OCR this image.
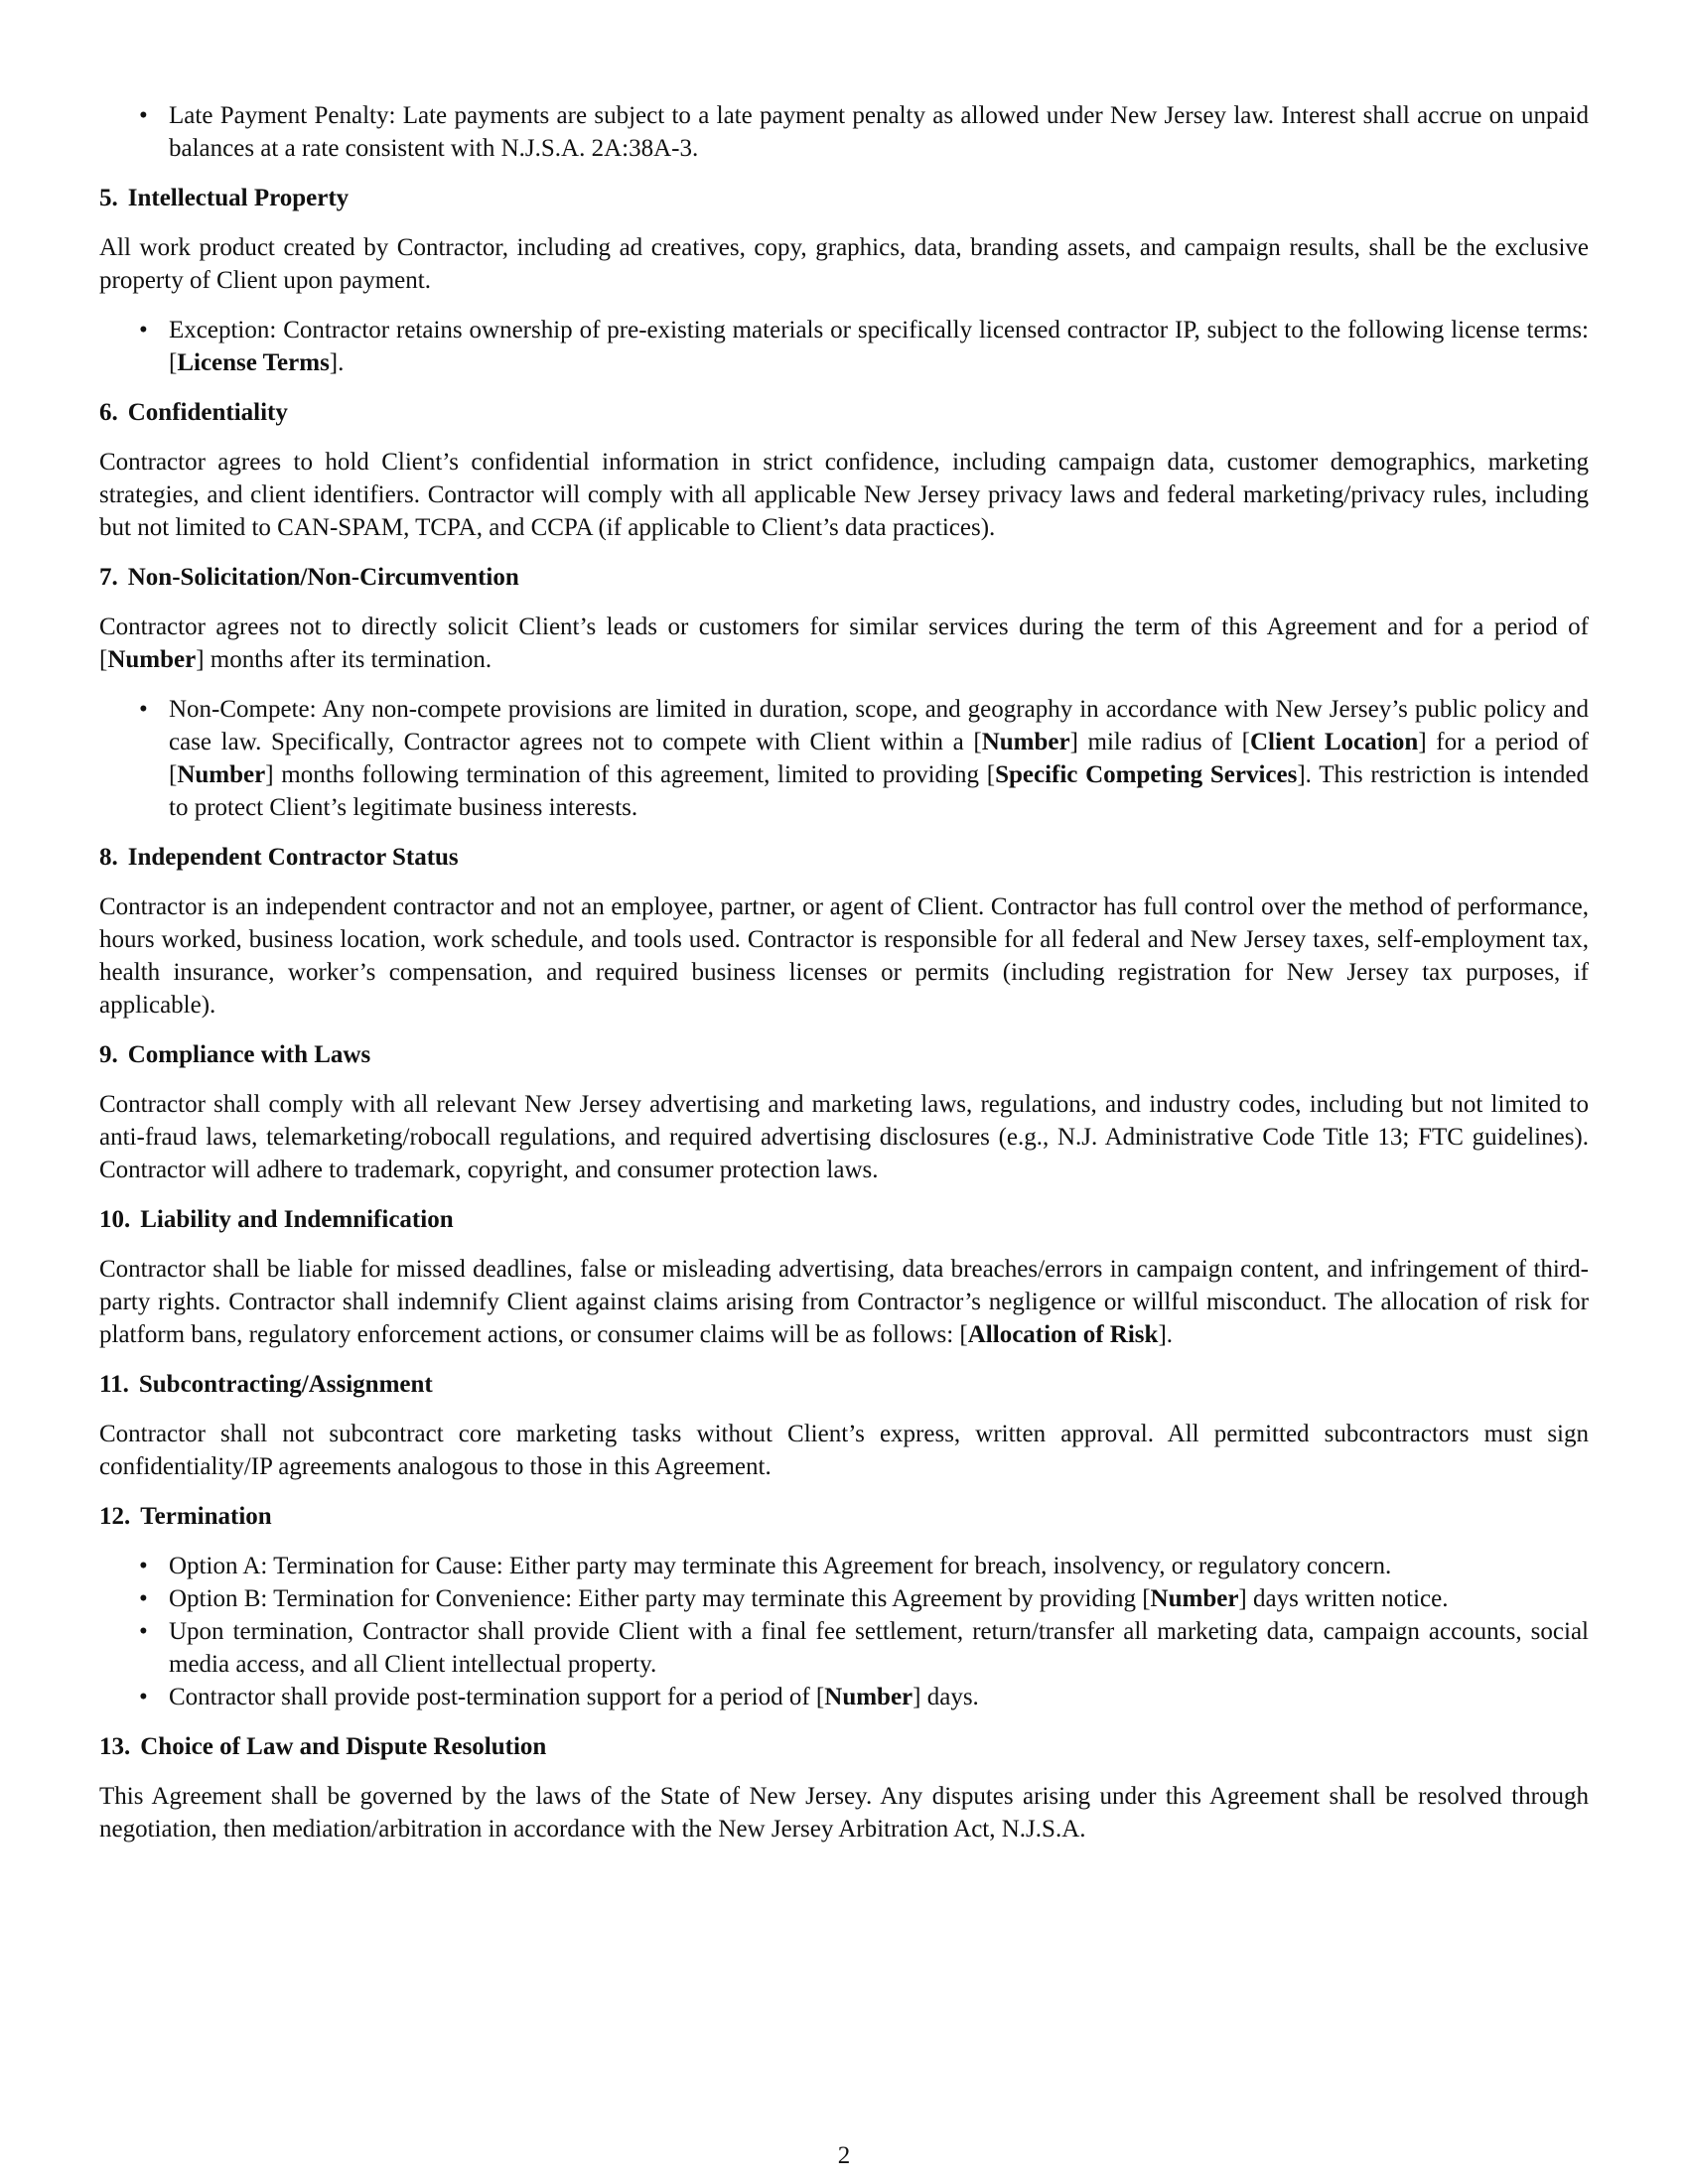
• Late Payment Penalty: Late payments are subject to a late payment penalty as allowed under New Jersey law. Interest shall accrue on unpaid balances at a rate consistent with N.J.S.A. 2A:38A-3.
5. Intellectual Property

All work product created by Contractor, including ad creatives, copy, graphics, data, branding assets, and campaign results, shall be the exclusive property of Client upon payment.

• Exception: Contractor retains ownership of pre-existing materials or specifically licensed contractor IP, subject to the following license terms: [License Terms].
6. Confidentiality

Contractor agrees to hold Client’s confidential information in strict confidence, including campaign data, customer demographics, marketing strategies, and client identifiers. Contractor will comply with all applicable New Jersey privacy laws and federal marketing/privacy rules, including but not limited to CAN-SPAM, TCPA, and CCPA (if applicable to Client’s data practices).

7. Non-Solicitation/Non-Circumvention

Contractor agrees not to directly solicit Client’s leads or customers for similar services during the term of this Agreement and for a period of [Number] months after its termination.

• Non-Compete: Any non-compete provisions are limited in duration, scope, and geography in accordance with New Jersey’s public policy and case law. Specifically, Contractor agrees not to compete with Client within a [Number] mile radius of [Client Location] for a period of [Number] months following termination of this agreement, limited to providing [Specific Competing Services]. This restriction is intended to protect Client’s legitimate business interests.
8. Independent Contractor Status

Contractor is an independent contractor and not an employee, partner, or agent of Client. Contractor has full control over the method of performance, hours worked, business location, work schedule, and tools used. Contractor is responsible for all federal and New Jersey taxes, self-employment tax, health insurance, worker’s compensation, and required business licenses or permits (including registration for New Jersey tax purposes, if applicable).

9. Compliance with Laws

Contractor shall comply with all relevant New Jersey advertising and marketing laws, regulations, and industry codes, including but not limited to anti-fraud laws, telemarketing/robocall regulations, and required advertising disclosures (e.g., N.J. Administrative Code Title 13; FTC guidelines). Contractor will adhere to trademark, copyright, and consumer protection laws.

10. Liability and Indemnification

Contractor shall be liable for missed deadlines, false or misleading advertising, data breaches/errors in campaign content, and infringement of third-party rights. Contractor shall indemnify Client against claims arising from Contractor’s negligence or willful misconduct. The allocation of risk for platform bans, regulatory enforcement actions, or consumer claims will be as follows: [Allocation of Risk].

11. Subcontracting/Assignment

Contractor shall not subcontract core marketing tasks without Client’s express, written approval. All permitted subcontractors must sign confidentiality/IP agreements analogous to those in this Agreement.

12. Termination
• Option A: Termination for Cause: Either party may terminate this Agreement for breach, insolvency, or regulatory concern.
• Option B: Termination for Convenience: Either party may terminate this Agreement by providing [Number] days written notice.
• Upon termination, Contractor shall provide Client with a final fee settlement, return/transfer all marketing data, campaign accounts, social media access, and all Client intellectual property.
• Contractor shall provide post-termination support for a period of [Number] days.
13. Choice of Law and Dispute Resolution

This Agreement shall be governed by the laws of the State of New Jersey. Any disputes arising under this Agreement shall be resolved through negotiation, then mediation/arbitration in accordance with the New Jersey Arbitration Act, N.J.S.A.

2
